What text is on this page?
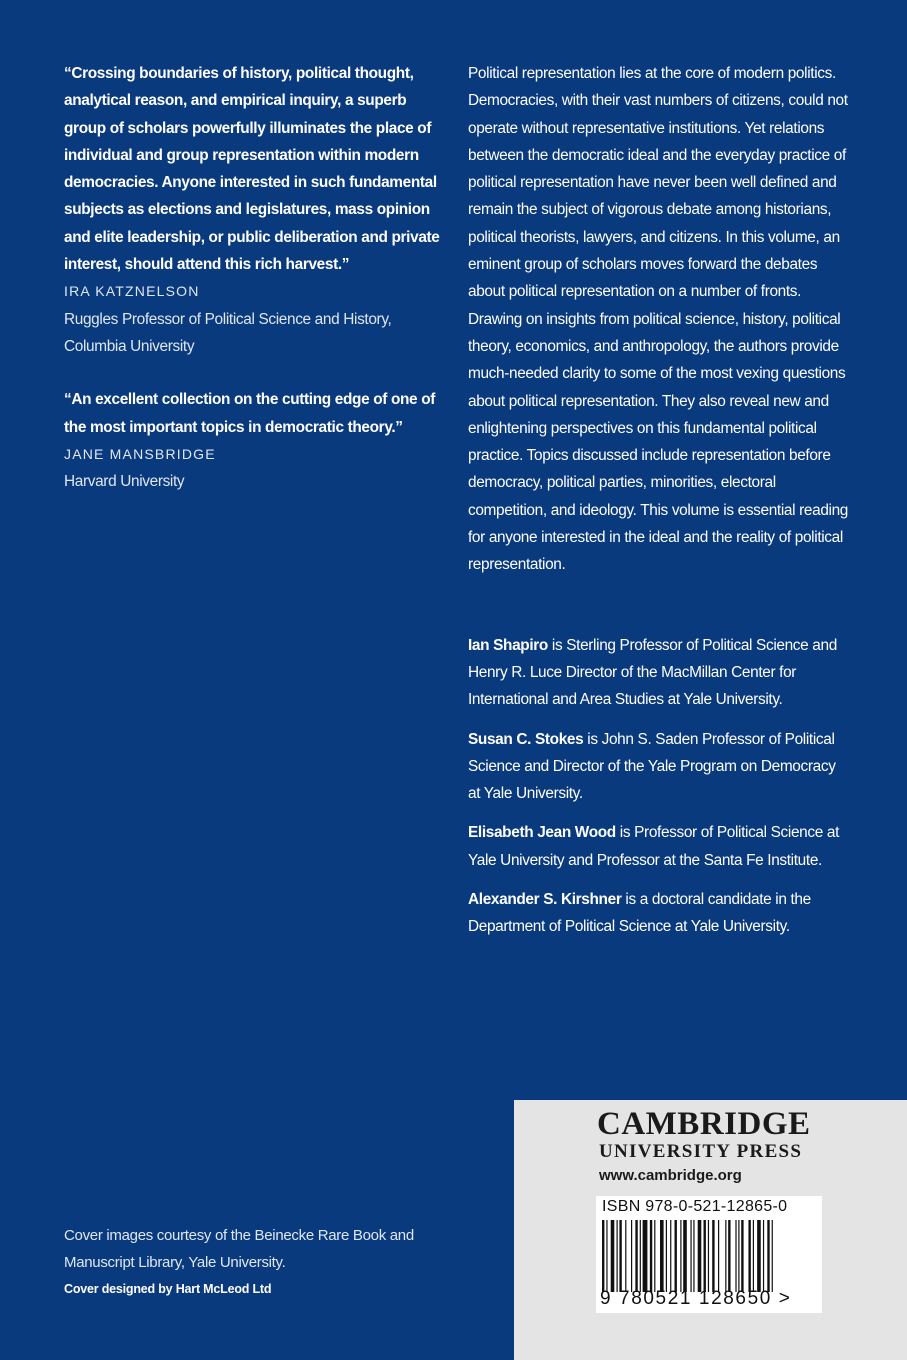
“Crossing boundaries of history, political thought, analytical reason, and empirical inquiry, a superb group of scholars powerfully illuminates the place of individual and group representation within modern democracies. Anyone interested in such fundamental subjects as elections and legislatures, mass opinion and elite leadership, or public deliberation and private interest, should attend this rich harvest.”

IRA KATZNELSON

Ruggles Professor of Political Science and History,

Columbia University

“An excellent collection on the cutting edge of one of the most important topics in democratic theory.”

JANE MANSBRIDGE

Harvard University

Political representation lies at the core of modern politics. Democracies, with their vast numbers of citizens, could not operate without representative institutions. Yet relations between the democratic ideal and the everyday practice of political representation have never been well defined and remain the subject of vigorous debate among historians, political theorists, lawyers, and citizens. In this volume, an eminent group of scholars moves forward the debates about political representation on a number of fronts. Drawing on insights from political science, history, political theory, economics, and anthropology, the authors provide much-needed clarity to some of the most vexing questions about political representation. They also reveal new and enlightening perspectives on this fundamental political practice. Topics discussed include representation before democracy, political parties, minorities, electoral competition, and ideology. This volume is essential reading for anyone interested in the ideal and the reality of political representation.

Ian Shapiro is Sterling Professor of Political Science and Henry R. Luce Director of the MacMillan Center for International and Area Studies at Yale University.

Susan C. Stokes is John S. Saden Professor of Political Science and Director of the Yale Program on Democracy at Yale University.

Elisabeth Jean Wood is Professor of Political Science at Yale University and Professor at the Santa Fe Institute.

Alexander S. Kirshner is a doctoral candidate in the Department of Political Science at Yale University.

Cover images courtesy of the Beinecke Rare Book and

Manuscript Library, Yale University.

Cover designed by Hart McLeod Ltd

CAMBRIDGE
UNIVERSITY PRESS
www.cambridge.org
ISBN 978-0-521-12865-0
9 780521 128650 >
